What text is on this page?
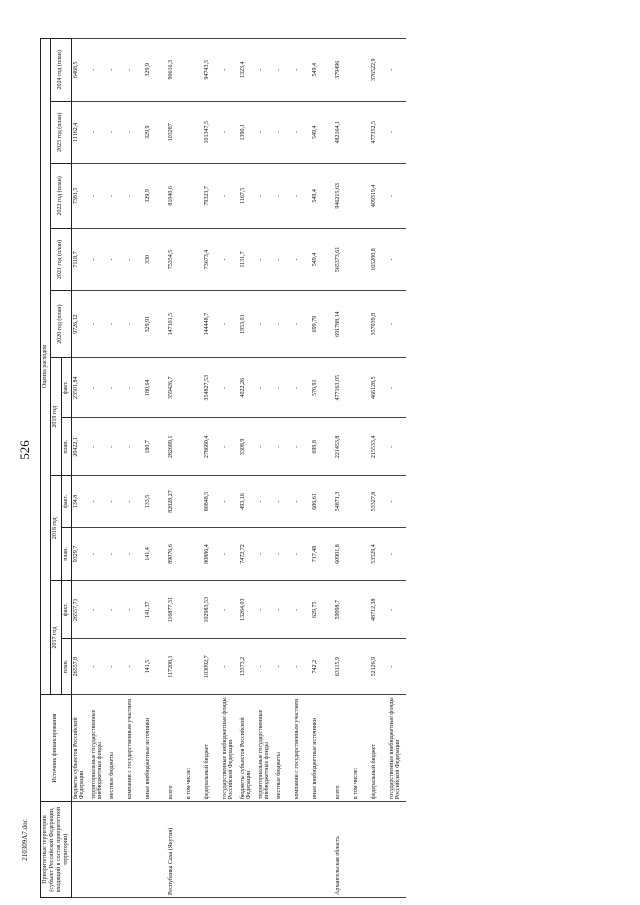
526
210309А7.doc Приоритетные территории (субъект Российской Федерации, входящий в состав приоритетной территории)	Источник финансирования	Оценка расходов										
		2017 год		2018 год		2019 год		2020 год (план)	2021 год (план)	2022 год (план)	2023 год (план)	2024 год (план)
		план.	факт.	план.	факт.	план.	факт.					
	бюджеты субъектов Российской Федерации	26557,8	26557,71	9329,7	134,8	20422,1	23501,84	9726,12	7118,7	7381,5	11162,4	6468,5
	территориальные государственные внебюджетные фонды	-	-	-	-	-	-	-	-	-	-	-
	местные бюджеты	-	-	-	-	-	-	-	-	-	-	-
	компании с государственным участием	-	-	-	-	-	-	-	-	-	-	-
	иные внебюджетные источники	141,5	141,37	141,4	133,5	180,7	180,64	329,91	330	329,9	329,9	329,9
Республика Саха (Якутия)	всего	117208,1	116877,31	89076,6	82028,27	282689,1	359426,7	147101,5	75354,5	81040,6	103287	96616,3
	в том числе:											
	федеральный бюджет	103092,7	102983,53	80886,4	80848,5	278680,4	354827,53	144448,7	73673,4	79323,7	101347,5	94743,5
	государственные внебюджетные фонды Российской Федерации	-	-	-	-	-	-	-	-	-	-	-
	бюджеты субъектов Российской Федерации	13373,2	13264,03	7472,72	493,16	3308,9	4022,26	1953,01	1131,7	1167,5	1390,1	1323,4
	территориальные государственные внебюджетные фонды	-	-	-	-	-	-	-	-	-	-	-
	местные бюджеты	-	-	-	-	-	-	-	-	-	-	-
	компании с государственным участием	-	-	-	-	-	-	-	-	-	-	-
	иные внебюджетные источники	742,2	629,75	717,48	686,61	699,8	576,91	699,79	549,4	549,4	549,4	549,4
Архангельская область	всего	63115,9	59098,7	60901,8	54871,3	221453,8	477163,05	691788,14	565373,61	946215,63	482164,1	379496
	в том числе:											
	федеральный бюджет	52126,9	48712,38	53529,4	53327,8	215533,4	466128,5	357039,8	165200,8	409319,4	477352,5	376522,9
	государственные внебюджетные фонды Российской Федерации	-	-	-	-	-	-	-	-	-	-	-
